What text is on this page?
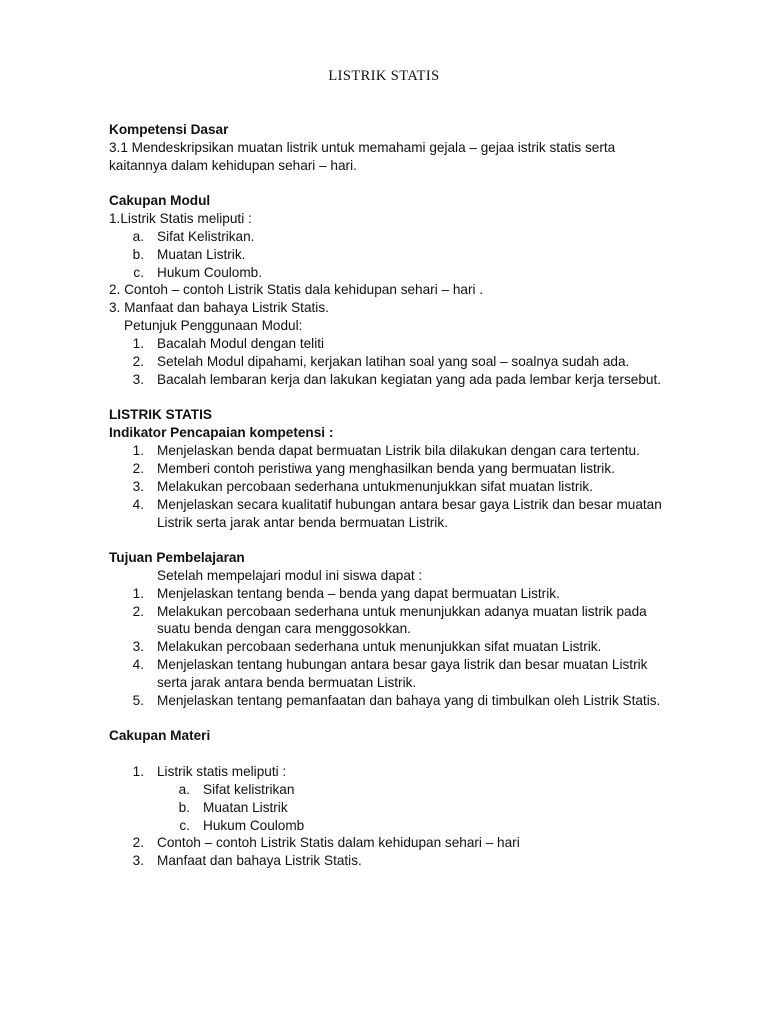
LISTRIK STATIS
Kompetensi Dasar
3.1 Mendeskripsikan muatan listrik untuk memahami gejala – gejaa istrik statis serta
kaitannya dalam kehidupan sehari – hari.
Cakupan Modul
1.Listrik Statis meliputi :
a. Sifat Kelistrikan.
b. Muatan Listrik.
c. Hukum Coulomb.
2. Contoh – contoh Listrik Statis dala kehidupan sehari – hari .
3. Manfaat dan bahaya Listrik Statis.
Petunjuk Penggunaan Modul:
1. Bacalah Modul dengan teliti
2. Setelah Modul dipahami, kerjakan latihan soal yang soal – soalnya sudah ada.
3. Bacalah lembaran kerja dan lakukan kegiatan yang ada pada lembar kerja tersebut.
LISTRIK STATIS
Indikator Pencapaian kompetensi :
1. Menjelaskan benda dapat bermuatan Listrik bila dilakukan dengan cara tertentu.
2. Memberi contoh peristiwa yang menghasilkan benda yang bermuatan listrik.
3. Melakukan percobaan sederhana untukmenunjukkan sifat muatan listrik.
4. Menjelaskan secara kualitatif hubungan antara besar gaya Listrik dan besar muatan
Listrik serta jarak antar benda bermuatan Listrik.
Tujuan Pembelajaran
Setelah mempelajari modul ini siswa dapat :
1. Menjelaskan tentang benda – benda yang dapat bermuatan Listrik.
2. Melakukan percobaan sederhana untuk menunjukkan adanya muatan listrik pada
suatu benda dengan cara menggosokkan.
3. Melakukan percobaan sederhana untuk menunjukkan sifat muatan Listrik.
4. Menjelaskan tentang hubungan antara besar gaya listrik dan besar muatan Listrik
serta jarak antara benda bermuatan Listrik.
5. Menjelaskan tentang pemanfaatan dan bahaya yang di timbulkan oleh Listrik Statis.
Cakupan Materi
1. Listrik statis meliputi :
a. Sifat kelistrikan
b. Muatan Listrik
c. Hukum Coulomb
2. Contoh – contoh Listrik Statis dalam kehidupan sehari – hari
3. Manfaat dan bahaya Listrik Statis.
